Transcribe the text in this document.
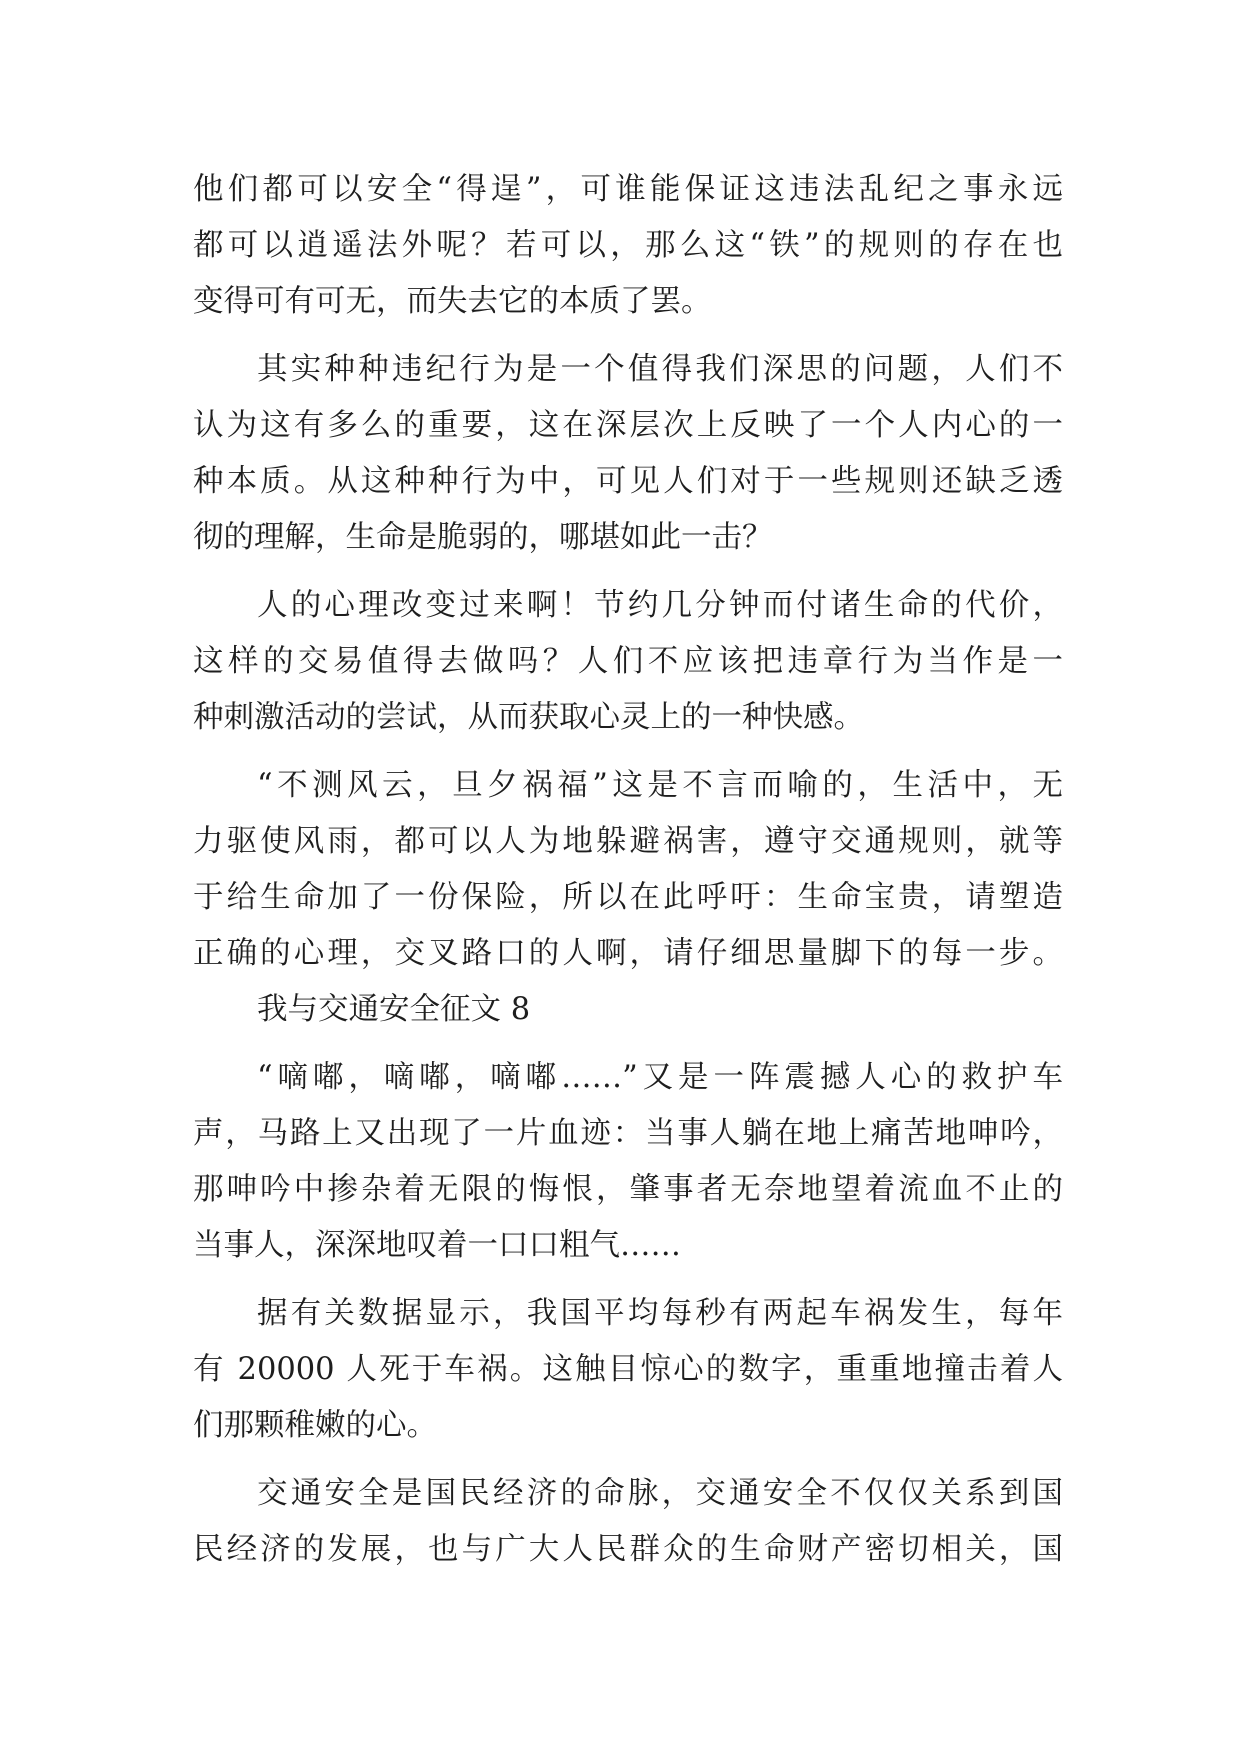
他们都可以安全“得逞”，可谁能保证这违法乱纪之事永远
都可以逍遥法外呢？若可以，那么这“铁”的规则的存在也
变得可有可无，而失去它的本质了罢。
其实种种违纪行为是一个值得我们深思的问题，人们不
认为这有多么的重要，这在深层次上反映了一个人内心的一
种本质。从这种种行为中，可见人们对于一些规则还缺乏透
彻的理解，生命是脆弱的，哪堪如此一击？
人的心理改变过来啊！节约几分钟而付诸生命的代价，
这样的交易值得去做吗？人们不应该把违章行为当作是一
种刺激活动的尝试，从而获取心灵上的一种快感。
“不测风云，旦夕祸福”这是不言而喻的，生活中，无
力驱使风雨，都可以人为地躲避祸害，遵守交通规则，就等
于给生命加了一份保险，所以在此呼吁：生命宝贵，请塑造
正确的心理，交叉路口的人啊，请仔细思量脚下的每一步。
我与交通安全征文 8
“嘀嘟，嘀嘟，嘀嘟……”又是一阵震撼人心的救护车
声，马路上又出现了一片血迹：当事人躺在地上痛苦地呻吟，
那呻吟中掺杂着无限的悔恨，肇事者无奈地望着流血不止的
当事人，深深地叹着一口口粗气……
据有关数据显示，我国平均每秒有两起车祸发生，每年
有 20000 人死于车祸。这触目惊心的数字，重重地撞击着人
们那颗稚嫩的心。
交通安全是国民经济的命脉，交通安全不仅仅关系到国
民经济的发展，也与广大人民群众的生命财产密切相关，国
